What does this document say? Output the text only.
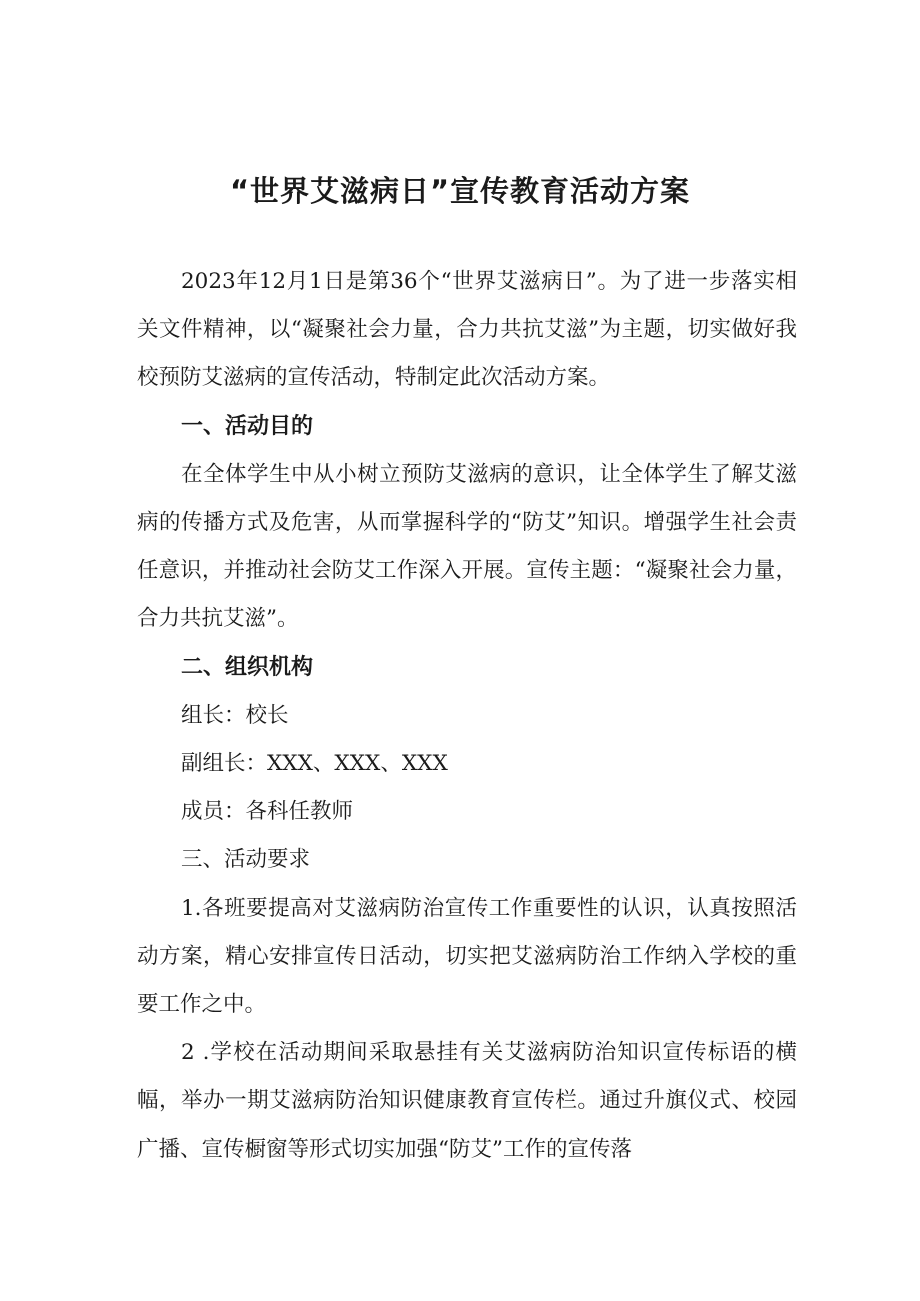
“世界艾滋病日”宣传教育活动方案

2023年12月1日是第36个“世界艾滋病日”。为了进一步落实相关文件精神，以“凝聚社会力量，合力共抗艾滋”为主题，切实做好我校预防艾滋病的宣传活动，特制定此次活动方案。

一、活动目的

在全体学生中从小树立预防艾滋病的意识，让全体学生了解艾滋病的传播方式及危害，从而掌握科学的“防艾”知识。增强学生社会责任意识，并推动社会防艾工作深入开展。宣传主题：“凝聚社会力量，合力共抗艾滋”。

二、组织机构

组长：校长

副组长：XXX、XXX、XXX

成员：各科任教师

三、活动要求

1.各班要提高对艾滋病防治宣传工作重要性的认识，认真按照活动方案，精心安排宣传日活动，切实把艾滋病防治工作纳入学校的重要工作之中。

2 .学校在活动期间采取悬挂有关艾滋病防治知识宣传标语的横幅，举办一期艾滋病防治知识健康教育宣传栏。通过升旗仪式、校园广播、宣传橱窗等形式切实加强“防艾”工作的宣传落
